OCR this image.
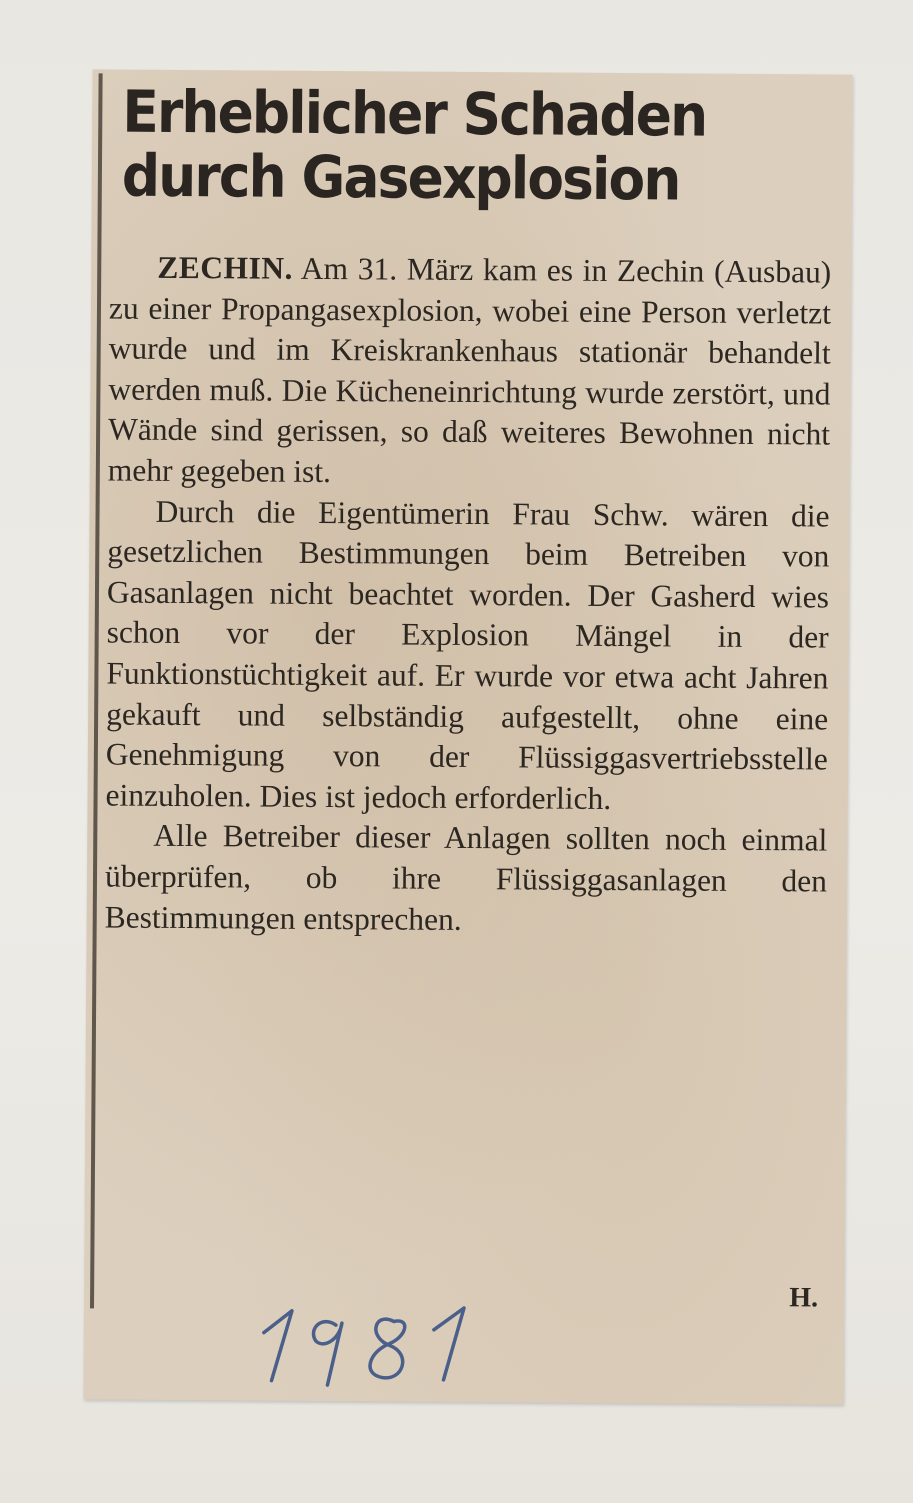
Erheblicher Schaden durch Gasexplosion

ZECHIN. Am 31. März kam es in Zechin (Ausbau) zu einer Propangasexplosion, wobei eine Person verletzt wurde und im Kreiskrankenhaus stationär behandelt werden muß. Die Kücheneinrichtung wurde zerstört, und Wände sind gerissen, so daß weiteres Bewohnen nicht mehr gegeben ist.

Durch die Eigentümerin Frau Schw. wären die gesetzlichen Bestimmungen beim Betreiben von Gasanlagen nicht beachtet worden. Der Gasherd wies schon vor der Explosion Mängel in der Funktionstüchtigkeit auf. Er wurde vor etwa acht Jahren gekauft und selbständig aufgestellt, ohne eine Genehmigung von der Flüssiggasvertriebsstelle einzuholen. Dies ist jedoch erforderlich.

Alle Betreiber dieser Anlagen sollten noch einmal überprüfen, ob ihre Flüssiggasanlagen den Bestimmungen entsprechen.

H.
